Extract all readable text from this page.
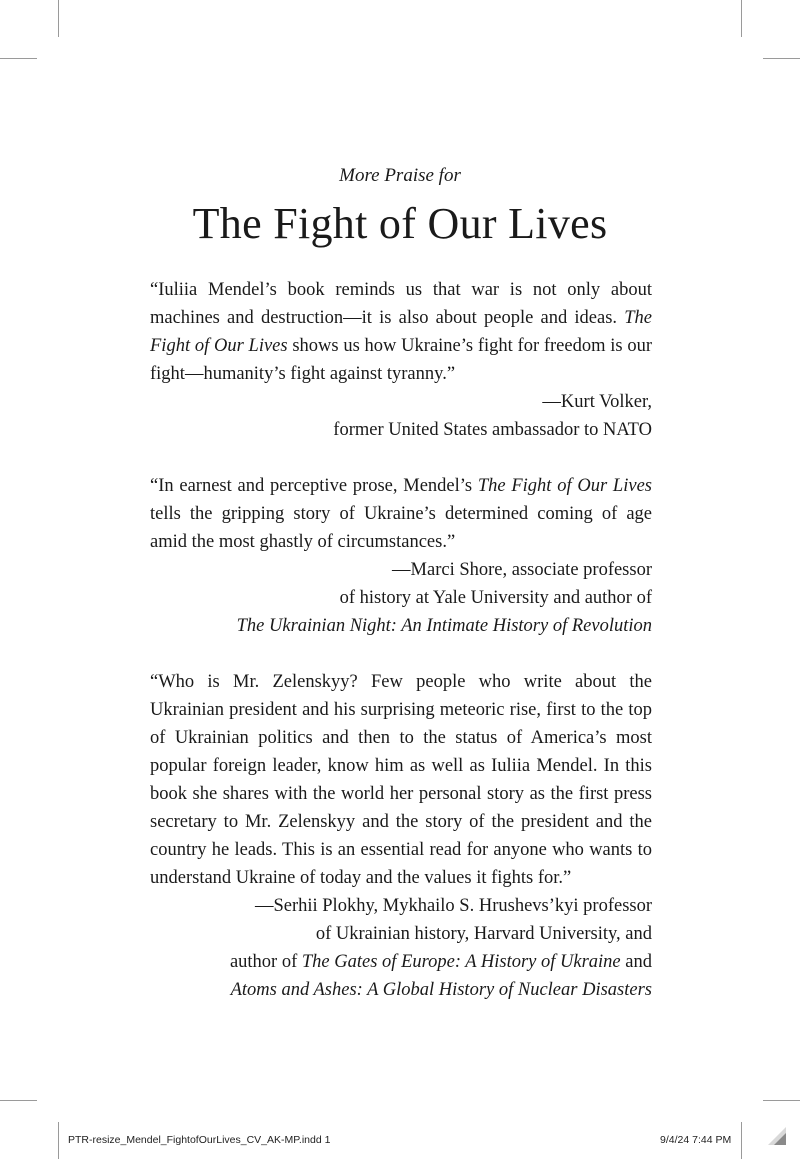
More Praise for
The Fight of Our Lives

“Iuliia Mendel’s book reminds us that war is not only about machines and destruction—it is also about people and ideas. The Fight of Our Lives shows us how Ukraine’s fight for freedom is our fight—humanity’s fight against tyranny.”

—Kurt Volker,

former United States ambassador to NATO

“In earnest and perceptive prose, Mendel’s The Fight of Our Lives tells the gripping story of Ukraine’s determined coming of age amid the most ghastly of circumstances.”

—Marci Shore, associate professor

of history at Yale University and author of

The Ukrainian Night: An Intimate History of Revolution

“Who is Mr. Zelenskyy? Few people who write about the Ukrainian president and his surprising meteoric rise, first to the top of Ukrainian politics and then to the status of America’s most popular foreign leader, know him as well as Iuliia Mendel. In this book she shares with the world her personal story as the first press secretary to Mr. Zelenskyy and the story of the president and the country he leads. This is an essential read for anyone who wants to understand Ukraine of today and the values it fights for.”

—Serhii Plokhy, Mykhailo S. Hrushevs’kyi professor

of Ukrainian history, Harvard University, and

author of The Gates of Europe: A History of Ukraine and

Atoms and Ashes: A Global History of Nuclear Disasters

PTR-resize_Mendel_FightofOurLives_CV_AK-MP.indd 1	9/4/24 7:44 PM
